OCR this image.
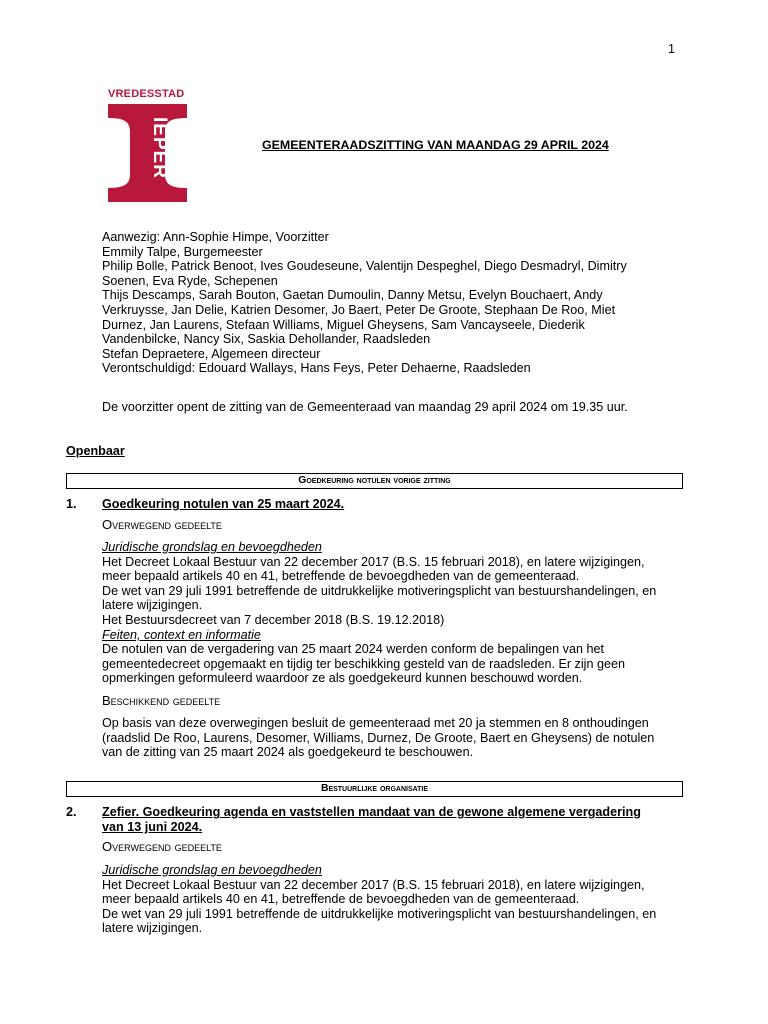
1
VREDESSTAD
IEPER	GEMEENTERAADSZITTING VAN MAANDAG 29 APRIL 2024
Aanwezig: Ann-Sophie Himpe, Voorzitter
Emmily Talpe, Burgemeester
Philip Bolle, Patrick Benoot, Ives Goudeseune, Valentijn Despeghel, Diego Desmadryl, Dimitry
Soenen, Eva Ryde, Schepenen
Thijs Descamps, Sarah Bouton, Gaetan Dumoulin, Danny Metsu, Evelyn Bouchaert, Andy
Verkruysse, Jan Delie, Katrien Desomer, Jo Baert, Peter De Groote, Stephaan De Roo, Miet
Durnez, Jan Laurens, Stefaan Williams, Miguel Gheysens, Sam Vancayseele, Diederik
Vandenbilcke, Nancy Six, Saskia Dehollander, Raadsleden
Stefan Depraetere, Algemeen directeur
Verontschuldigd: Edouard Wallays, Hans Feys, Peter Dehaerne, Raadsleden
De voorzitter opent de zitting van de Gemeenteraad van maandag 29 april 2024 om 19.35 uur.
Openbaar
Goedkeuring notulen vorige zitting
1. Goedkeuring notulen van 25 maart 2024.
Overwegend gedeelte
Juridische grondslag en bevoegdheden
Het Decreet Lokaal Bestuur van 22 december 2017 (B.S. 15 februari 2018), en latere wijzigingen,
meer bepaald artikels 40 en 41, betreffende de bevoegdheden van de gemeenteraad.
De wet van 29 juli 1991 betreffende de uitdrukkelijke motiveringsplicht van bestuurshandelingen, en
latere wijzigingen.
Het Bestuursdecreet van 7 december 2018 (B.S. 19.12.2018)
Feiten, context en informatie
De notulen van de vergadering van 25 maart 2024 werden conform de bepalingen van het
gemeentedecreet opgemaakt en tijdig ter beschikking gesteld van de raadsleden. Er zijn geen
opmerkingen geformuleerd waardoor ze als goedgekeurd kunnen beschouwd worden.
Beschikkend gedeelte
Op basis van deze overwegingen besluit de gemeenteraad met 20 ja stemmen en 8 onthoudingen
(raadslid De Roo, Laurens, Desomer, Williams, Durnez, De Groote, Baert en Gheysens) de notulen
van de zitting van 25 maart 2024 als goedgekeurd te beschouwen.
Bestuurlijke organisatie
2. Zefier. Goedkeuring agenda en vaststellen mandaat van de gewone algemene vergadering
van 13 juni 2024.
Overwegend gedeelte
Juridische grondslag en bevoegdheden
Het Decreet Lokaal Bestuur van 22 december 2017 (B.S. 15 februari 2018), en latere wijzigingen,
meer bepaald artikels 40 en 41, betreffende de bevoegdheden van de gemeenteraad.
De wet van 29 juli 1991 betreffende de uitdrukkelijke motiveringsplicht van bestuurshandelingen, en
latere wijzigingen.
